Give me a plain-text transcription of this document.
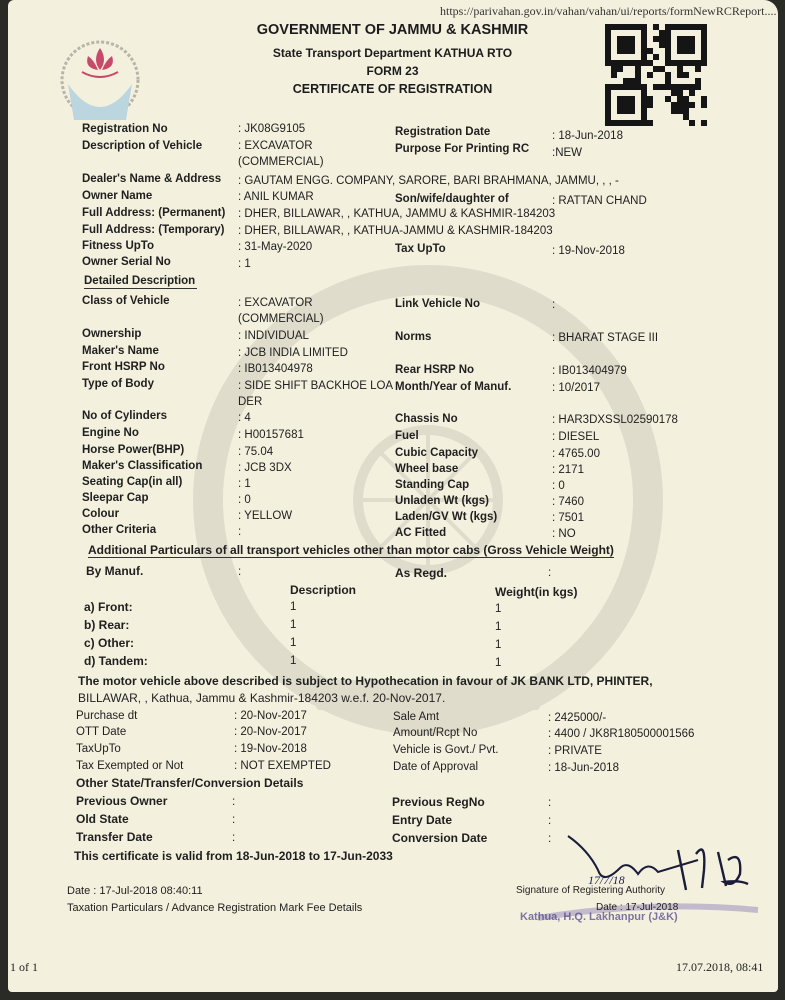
17/7/18
https://parivahan.gov.in/vahan/vahan/ui/reports/formNewRCReport....
1 of 1	17.07.2018, 08:41
GOVERNMENT OF JAMMU & KASHMIR
State Transport Department KATHUA RTO
FORM 23
CERTIFICATE OF REGISTRATION
Registration No	: JK08G9105	Registration Date	: 18-Jun-2018
Description of Vehicle	: EXCAVATOR
(COMMERCIAL)
Purpose For Printing RC :NEW
Dealer's Name & Address : GAUTAM ENGG. COMPANY, SARORE, BARI BRAHMANA, JAMMU, , , -
Owner Name	: ANIL KUMAR	Son/wife/daughter of	: RATTAN CHAND
Full Address: (Permanent) : DHER, BILLAWAR, , KATHUA, JAMMU & KASHMIR-184203
Full Address: (Temporary) : DHER, BILLAWAR, , KATHUA-JAMMU & KASHMIR-184203
Fitness UpTo	: 31-May-2020	Tax UpTo	: 19-Nov-2018
Owner Serial No	: 1
Detailed Description
Class of Vehicle	: EXCAVATOR
(COMMERCIAL)
Link Vehicle No	:
Ownership	: INDIVIDUAL	Norms	: BHARAT STAGE III
Maker's Name	: JCB INDIA LIMITED
Front HSRP No	: IB013404978	Rear HSRP No	: IB013404979
Type of Body	: SIDE SHIFT BACKHOE LOA
DER
Month/Year of Manuf.	: 10/2017
No of Cylinders	: 4	Chassis No	: HAR3DXSSL02590178
Engine No	: H00157681	Fuel	: DIESEL
Horse Power(BHP)	: 75.04	Cubic Capacity	: 4765.00
Maker's Classification	: JCB 3DX	Wheel base	: 2171
Seating Cap(in all)	: 1	Standing Cap	: 0
Sleepar Cap	: 0	Unladen Wt (kgs)	: 7460
Colour	: YELLOW	Laden/GV Wt (kgs)	: 7501
Other Criteria	:	AC Fitted	: NO
Additional Particulars of all transport vehicles other than motor cabs (Gross Vehicle Weight)
By Manuf.	:	As Regd.	:
Description	Weight(in kgs)
a) Front:	1	1
b) Rear:	1	1
c) Other:	1	1
d) Tandem:	1	1
The motor vehicle above described is subject to Hypothecation in favour of JK BANK LTD, PHINTER,
BILLAWAR, , Kathua, Jammu & Kashmir-184203 w.e.f. 20-Nov-2017.
Purchase dt	: 20-Nov-2017	Sale Amt	: 2425000/-
OTT Date	: 20-Nov-2017	Amount/Rcpt No	: 4400 / JK8R180500001566
TaxUpTo	: 19-Nov-2018	Vehicle is Govt./ Pvt.	: PRIVATE
Tax Exempted or Not	: NOT EXEMPTED	Date of Approval	: 18-Jun-2018
Other State/Transfer/Conversion Details
Previous Owner	:	Previous RegNo	:
Old State	:	Entry Date	:
Transfer Date	:	Conversion Date	:
This certificate is valid from 18-Jun-2018 to 17-Jun-2033
Date : 17-Jul-2018 08:40:11
Taxation Particulars / Advance Registration Mark Fee Details
Signature of Registering Authority
Date : 17-Jul-2018
Kathua, H.Q. Lakhanpur (J&K)
